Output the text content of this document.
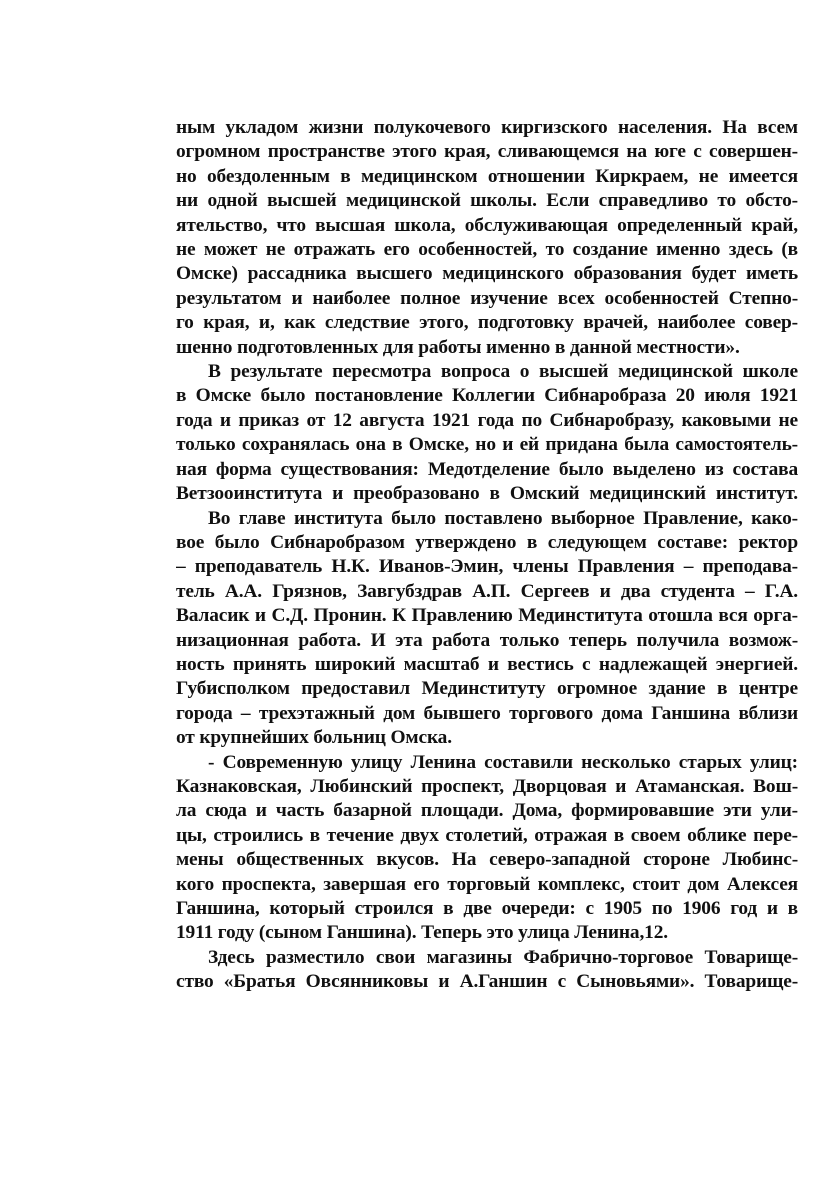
ным укладом жизни полукочевого киргизского населения. На всем
огромном пространстве этого края, сливающемся на юге с совершен-
но обездоленным в медицинском отношении Киркраем, не имеется
ни одной высшей медицинской школы. Если справедливо то обсто-
ятельство, что высшая школа, обслуживающая определенный край,
не может не отражать его особенностей, то создание именно здесь (в
Омске) рассадника высшего медицинского образования будет иметь
результатом и наиболее полное изучение всех особенностей Степно-
го края, и, как следствие этого, подготовку врачей, наиболее совер-
шенно подготовленных для работы именно в данной местности».
В результате пересмотра вопроса о высшей медицинской школе
в Омске было постановление Коллегии Сибнаробраза 20 июля 1921
года и приказ от 12 августа 1921 года по Сибнаробразу, каковыми не
только сохранялась она в Омске, но и ей придана была самостоятель-
ная форма существования: Медотделение было выделено из состава
Ветзооинститута и преобразовано в Омский медицинский институт.
Во главе института было поставлено выборное Правление, како-
вое было Сибнаробразом утверждено в следующем составе: ректор
– преподаватель Н.К. Иванов-Эмин, члены Правления – преподава-
тель А.А. Грязнов, Завгубздрав А.П. Сергеев и два студента – Г.А.
Валасик и С.Д. Пронин. К Правлению Мединститута отошла вся орга-
низационная работа. И эта работа только теперь получила возмож-
ность принять широкий масштаб и вестись с надлежащей энергией.
Губисполком предоставил Мединституту огромное здание в центре
города – трехэтажный дом бывшего торгового дома Ганшина вблизи
от крупнейших больниц Омска.
- Современную улицу Ленина составили несколько старых улиц:
Казнаковская, Любинский проспект, Дворцовая и Атаманская. Вош-
ла сюда и часть базарной площади. Дома, формировавшие эти ули-
цы, строились в течение двух столетий, отражая в своем облике пере-
мены общественных вкусов. На северо-западной стороне Любинс-
кого проспекта, завершая его торговый комплекс, стоит дом Алексея
Ганшина, который строился в две очереди: с 1905 по 1906 год и в
1911 году (сыном Ганшина). Теперь это улица Ленина,12.
Здесь разместило свои магазины Фабрично-торговое Товарище-
ство «Братья Овсянниковы и А.Ганшин с Сыновьями». Товарище-
